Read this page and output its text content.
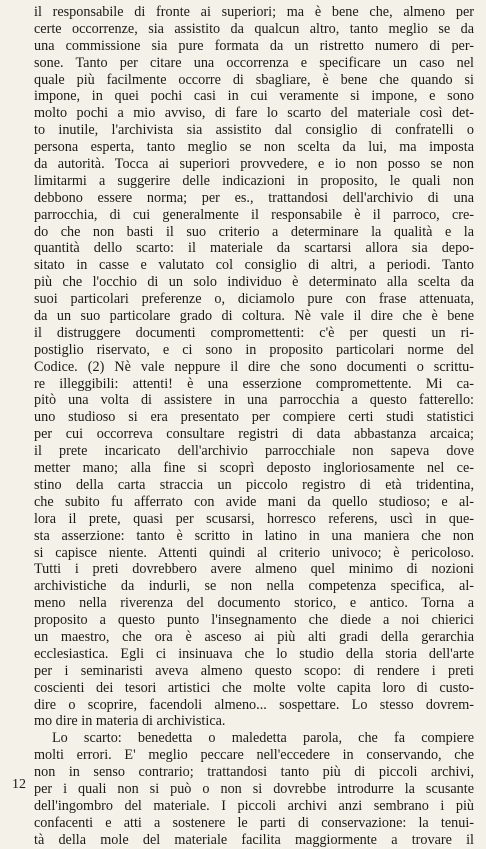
il responsabile di fronte ai superiori; ma è bene che, almeno per
certe occorrenze, sia assistito da qualcun altro, tanto meglio se da
una commissione sia pure formata da un ristretto numero di per-
sone. Tanto per citare una occorrenza e specificare un caso nel
quale più facilmente occorre di sbagliare, è bene che quando si
impone, in quei pochi casi in cui veramente si impone, e sono
molto pochi a mio avviso, di fare lo scarto del materiale così det-
to inutile, l'archivista sia assistito dal consiglio di confratelli o
persona esperta, tanto meglio se non scelta da lui, ma imposta
da autorità. Tocca ai superiori provvedere, e io non posso se non
limitarmi a suggerire delle indicazioni in proposito, le quali non
debbono essere norma; per es., trattandosi dell'archivio di una
parrocchia, di cui generalmente il responsabile è il parroco, cre-
do che non basti il suo criterio a determinare la qualità e la
quantità dello scarto: il materiale da scartarsi allora sia depo-
sitato in casse e valutato col consiglio di altri, a periodi. Tanto
più che l'occhio di un solo individuo è determinato alla scelta da
suoi particolari preferenze o, diciamolo pure con frase attenuata,
da un suo particolare grado di coltura. Nè vale il dire che è bene
il distruggere documenti compromettenti: c'è per questi un ri-
postiglio riservato, e ci sono in proposito particolari norme del
Codice. (2) Nè vale neppure il dire che sono documenti o scrittu-
re illeggibili: attenti! è una esserzione compromettente. Mi ca-
pitò una volta di assistere in una parrocchia a questo fatterello:
uno studioso si era presentato per compiere certi studi statistici
per cui occorreva consultare registri di data abbastanza arcaica;
il prete incaricato dell'archivio parrocchiale non sapeva dove
metter mano; alla fine si scoprì deposto ingloriosamente nel ce-
stino della carta straccia un piccolo registro di età tridentina,
che subito fu afferrato con avide mani da quello studioso; e al-
lora il prete, quasi per scusarsi, horresco referens, uscì in que-
sta asserzione: tanto è scritto in latino in una maniera che non
si capisce niente. Attenti quindi al criterio univoco; è pericoloso.
Tutti i preti dovrebbero avere almeno quel minimo di nozioni
archivistiche da indurli, se non nella competenza specifica, al-
meno nella riverenza del documento storico, e antico. Torna a
proposito a questo punto l'insegnamento che diede a noi chierici
un maestro, che ora è asceso ai più alti gradi della gerarchia
ecclesiastica. Egli ci insinuava che lo studio della storia dell'arte
per i seminaristi aveva almeno questo scopo: di rendere i preti
coscienti dei tesori artistici che molte volte capita loro di custo-
dire o scoprire, facendoli almeno... sospettare. Lo stesso dovrem-
mo dire in materia di archivistica.
Lo scarto: benedetta o maledetta parola, che fa compiere
molti errori. E' meglio peccare nell'eccedere in conservando, che
non in senso contrario; trattandosi tanto più di piccoli archivi,
per i quali non si può o non si dovrebbe introdurre la scusante
dell'ingombro del materiale. I piccoli archivi anzi sembrano i più
confacenti e atti a sostenere le parti di conservazione: la tenui-
tà della mole del materiale facilita maggiormente a trovare il
12
